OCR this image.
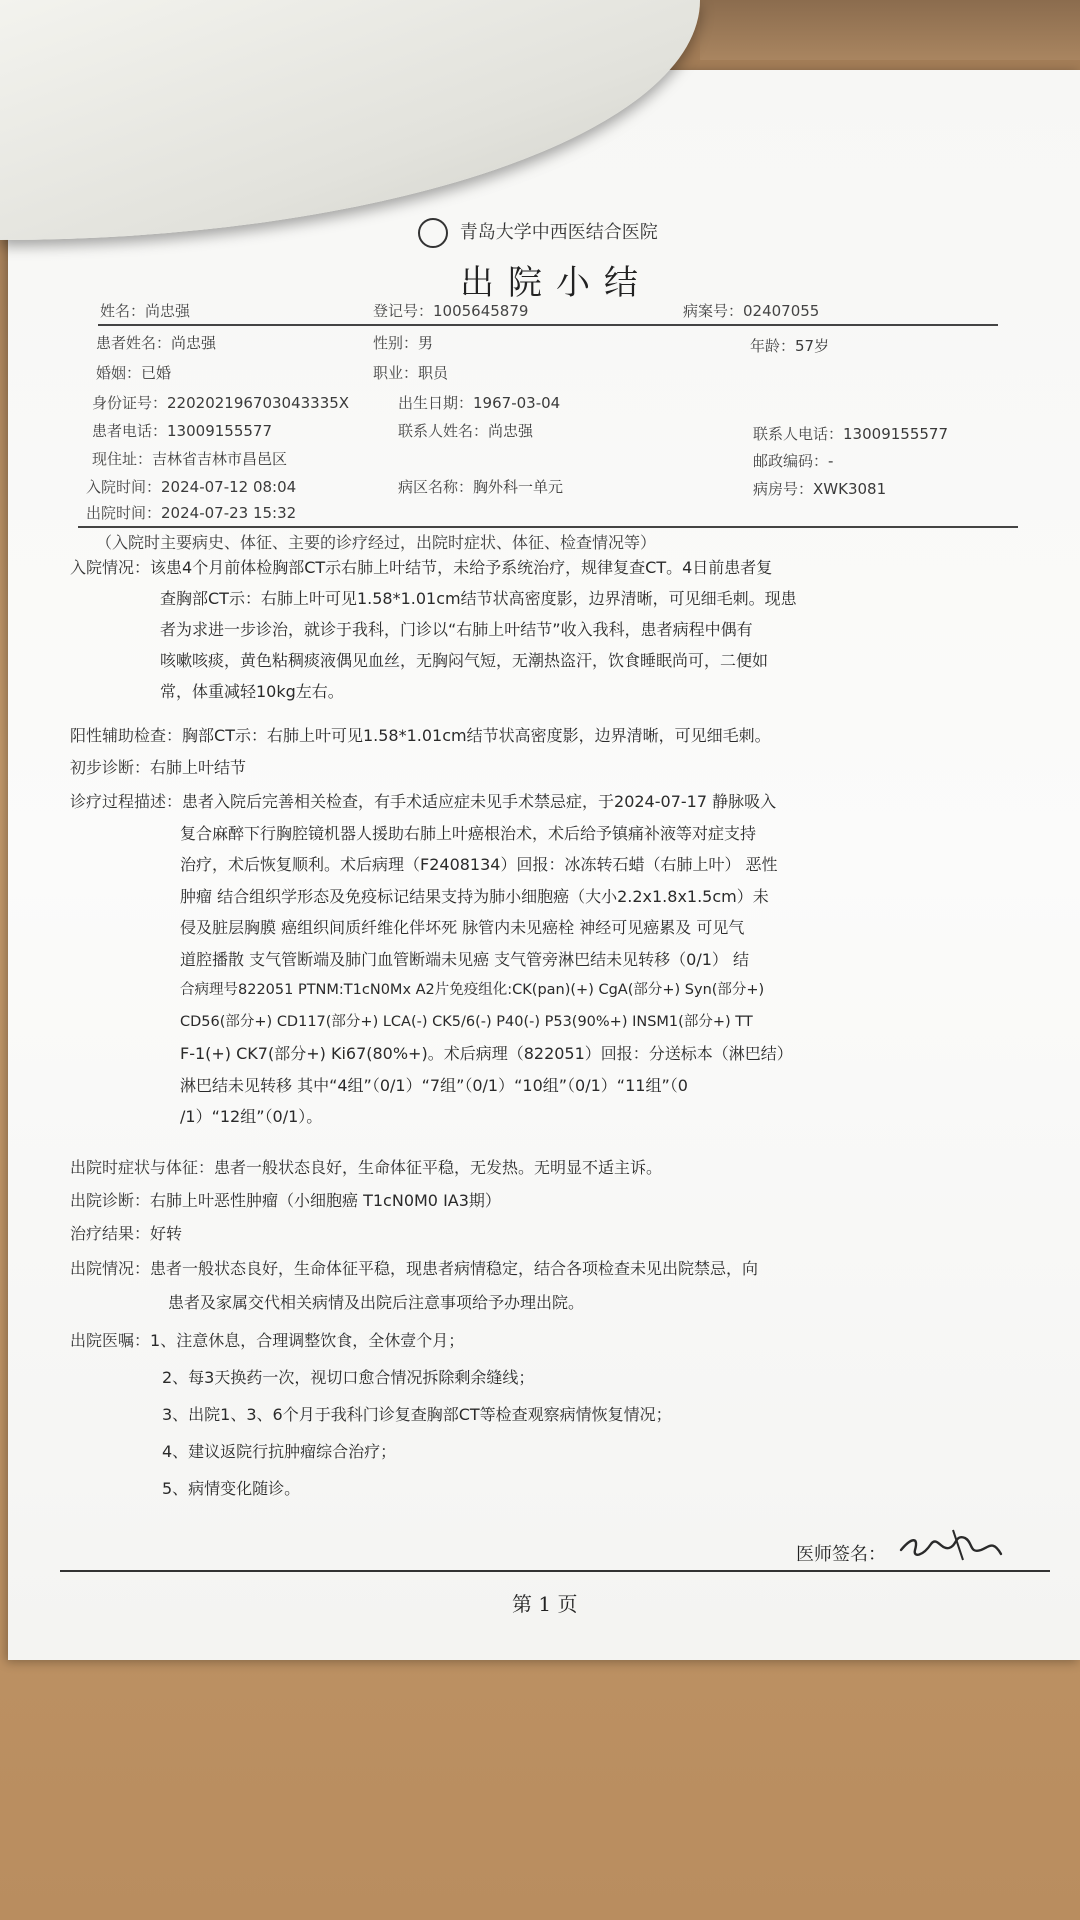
青岛大学中西医结合医院
出院小结
姓名：尚忠强	登记号：1005645879	病案号：02407055
患者姓名：尚忠强	性别：男	年龄：57岁
婚姻：已婚	职业：职员
身份证号：220202196703043335X	出生日期：1967-03-04
患者电话：13009155577	联系人姓名：尚忠强	联系人电话：13009155577
现住址：吉林省吉林市昌邑区	邮政编码：-
入院时间：2024-07-12 08:04	病区名称：胸外科一单元	病房号：XWK3081
出院时间：2024-07-23 15:32
（入院时主要病史、体征、主要的诊疗经过，出院时症状、体征、检查情况等）
入院情况：该患4个月前体检胸部CT示右肺上叶结节，未给予系统治疗，规律复查CT。4日前患者复
查胸部CT示：右肺上叶可见1.58*1.01cm结节状高密度影，边界清晰，可见细毛刺。现患
者为求进一步诊治，就诊于我科，门诊以“右肺上叶结节”收入我科，患者病程中偶有
咳嗽咳痰，黄色粘稠痰液偶见血丝，无胸闷气短，无潮热盗汗，饮食睡眠尚可，二便如
常，体重减轻10kg左右。
阳性辅助检查：胸部CT示：右肺上叶可见1.58*1.01cm结节状高密度影，边界清晰，可见细毛刺。
初步诊断：右肺上叶结节
诊疗过程描述：患者入院后完善相关检查，有手术适应症未见手术禁忌症，于2024-07-17 静脉吸入
复合麻醉下行胸腔镜机器人援助右肺上叶癌根治术，术后给予镇痛补液等对症支持
治疗，术后恢复顺利。术后病理（F2408134）回报：冰冻转石蜡（右肺上叶） 恶性
肿瘤 结合组织学形态及免疫标记结果支持为肺小细胞癌（大小2.2x1.8x1.5cm）未
侵及脏层胸膜 癌组织间质纤维化伴坏死 脉管内未见癌栓 神经可见癌累及 可见气
道腔播散 支气管断端及肺门血管断端未见癌 支气管旁淋巴结未见转移（0/1） 结
合病理号822051 PTNM:T1cN0Mx A2片免疫组化:CK(pan)(+) CgA(部分+) Syn(部分+)
CD56(部分+) CD117(部分+) LCA(-) CK5/6(-) P40(-) P53(90%+) INSM1(部分+) TT
F-1(+) CK7(部分+) Ki67(80%+)。术后病理（822051）回报：分送标本（淋巴结）
淋巴结未见转移 其中“4组”（0/1）“7组”（0/1）“10组”（0/1）“11组”（0
/1）“12组”（0/1）。
出院时症状与体征：患者一般状态良好，生命体征平稳，无发热。无明显不适主诉。
出院诊断：右肺上叶恶性肿瘤（小细胞癌 T1cN0M0 IA3期）
治疗结果：好转
出院情况：患者一般状态良好，生命体征平稳，现患者病情稳定，结合各项检查未见出院禁忌，向
患者及家属交代相关病情及出院后注意事项给予办理出院。
出院医嘱：1、注意休息，合理调整饮食，全休壹个月；
2、每3天换药一次，视切口愈合情况拆除剩余缝线；
3、出院1、3、6个月于我科门诊复查胸部CT等检查观察病情恢复情况；
4、建议返院行抗肿瘤综合治疗；
5、病情变化随诊。
医师签名：
第 1 页
